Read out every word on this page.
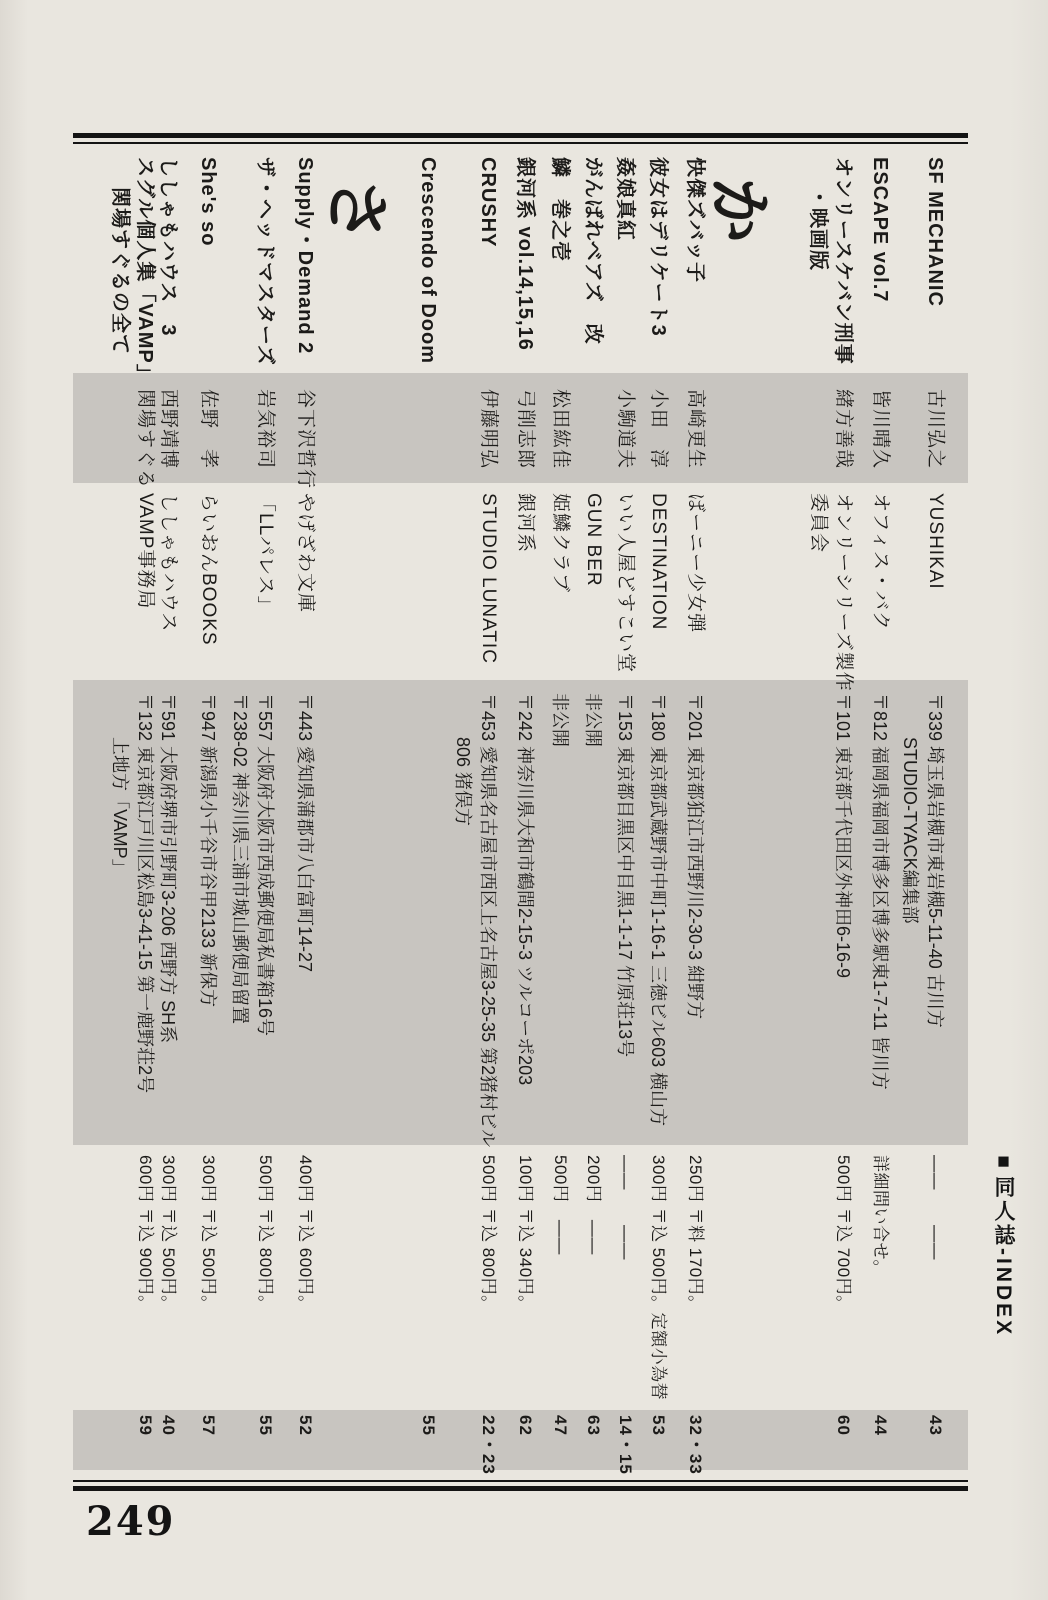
か
さ	SF MECHANIC
古川弘之
YUSHIKAI
〒339 埼玉県岩槻市東岩槻5-11-40 古川方
STUDIO-TYACK編集部
——　　——
43
ESCAPE vol.7
皆川晴久
オフィス・バク
〒812 福岡県福岡市博多区博多駅東1-7-11 皆川方
詳細問い合せ。
44
オンリースケバン刑事
・映画版
緒方善哉
オンリーシリーズ製作
委員会
〒101 東京都千代田区外神田6-16-9
500円 〒込 700円。
60
快傑ズバッ子
高崎更生
ばーニー少女弾
〒201 東京都狛江市西野川2-30-3 紺野方
250円 〒料 170円。
32・33
彼女はデリケート3
小田　淳
DESTINATION
〒180 東京都武蔵野市中町1-16-1 三徳ビル603 横山方
300円 〒込 500円。定額小為替
53
姦娘真紅
小駒道夫
いい人屋どすこい堂
〒153 東京都目黒区中目黒1-1-17 竹原荘13号
——　　——
14・15
がんばれベアズ　改
GUN BER
非公開
200円　——
63
鱗　巻之壱
松田紘佳
姫鱗クラブ
非公開
500円　——
47
銀河系 vol.14,15,16
弓削志郎
銀河系
〒242 神奈川県大和市鶴間2-15-3 ツルコーポ203
100円 〒込 340円。
62
CRUSHY
伊藤明弘
STUDIO LUNATIC
〒453 愛知県名古屋市西区上名古屋3-25-35 第2猪村ビル
806 猪俣方
500円 〒込 800円。
22・23
Crescendo of Doom
55
Supply・Demand 2
谷下沢哲行
やげざわ文庫
〒443 愛知県蒲郡市八白富町14-27
400円 〒込 600円。
52
ザ・ヘッドマスターズ
岩気裕司
「LLパレス」
〒557 大阪府大阪市西成郵便局私書箱16号
〒238-02 神奈川県三浦市城山郵便局留置
500円 〒込 800円。
55
She's so
佐野　孝
らいおんBOOKS
〒947 新潟県小千谷市谷甲2133 新保方
300円 〒込 500円。
57
ししゃもハウス　3
西野靖博
ししゃもハウス
〒591 大阪府堺市引野町3-206 西野方 SH系
300円 〒込 500円。
40
スグル個人集「VAMP」
関場すぐるの全て
関場すぐる
VAMP事務局
〒132 東京都江戸川区松島3-41-15 第一鹿野荘2号
上地方「VAMP」
600円 〒込 900円。
59
■同人誌-INDEX
249
